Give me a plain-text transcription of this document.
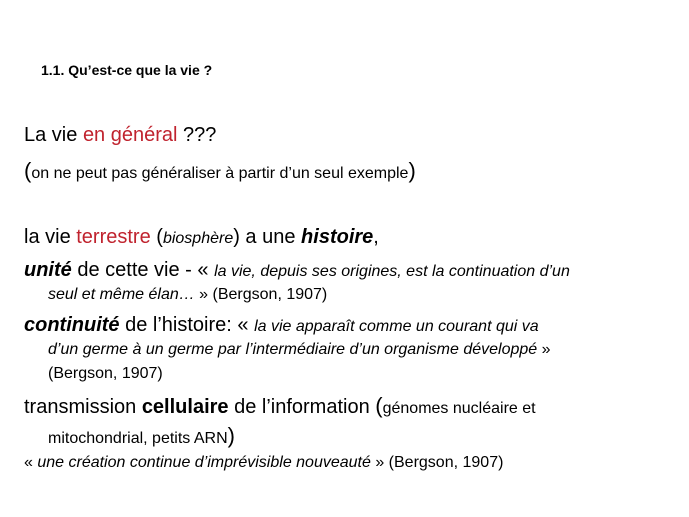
1.1. Qu’est-ce que la vie ?
La vie en général ???
(on ne peut pas généraliser à partir d’un seul exemple)
la vie terrestre (biosphère) a une histoire,
unité de cette vie - « la vie, depuis ses origines, est la continuation d’un
seul et même élan… » (Bergson, 1907)
continuité de l’histoire: « la vie apparaît comme un courant qui va
d’un germe à un germe par l’intermédiaire d’un organisme développé »
(Bergson, 1907)
transmission cellulaire de l’information (génomes nucléaire et
mitochondrial, petits ARN)
« une création continue d’imprévisible nouveauté » (Bergson, 1907)
